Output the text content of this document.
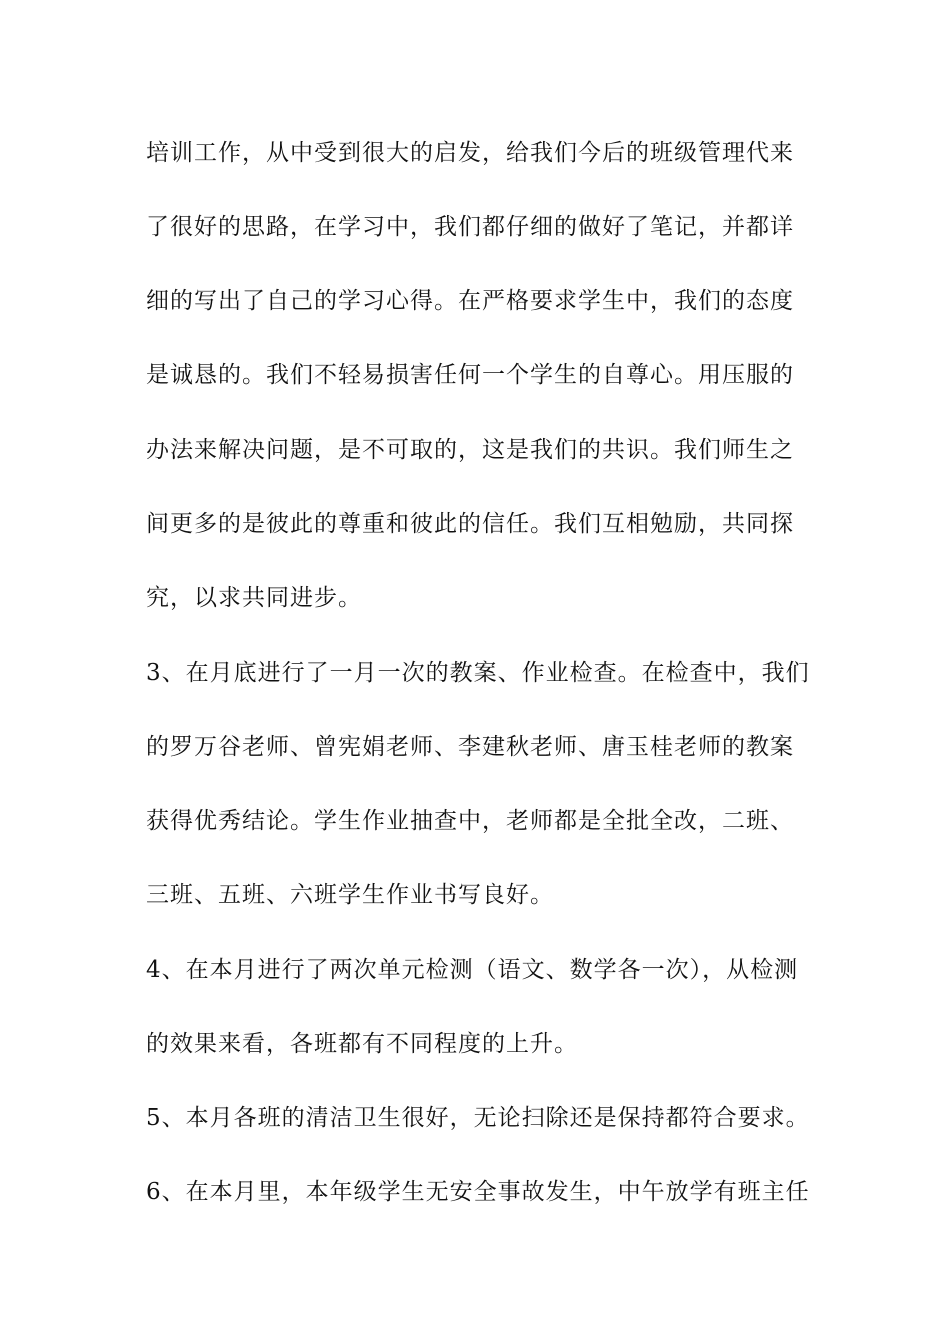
培训工作，从中受到很大的启发，给我们今后的班级管理代来
了很好的思路，在学习中，我们都仔细的做好了笔记，并都详
细的写出了自己的学习心得。在严格要求学生中，我们的态度
是诚恳的。我们不轻易损害任何一个学生的自尊心。用压服的
办法来解决问题，是不可取的，这是我们的共识。我们师生之
间更多的是彼此的尊重和彼此的信任。我们互相勉励，共同探
究，以求共同进步。
3、在月底进行了一月一次的教案、作业检查。在检查中，我们
的罗万谷老师、曾宪娟老师、李建秋老师、唐玉桂老师的教案
获得优秀结论。学生作业抽查中，老师都是全批全改，二班、
三班、五班、六班学生作业书写良好。
4、在本月进行了两次单元检测（语文、数学各一次），从检测
的效果来看，各班都有不同程度的上升。
5、本月各班的清洁卫生很好，无论扫除还是保持都符合要求。
6、在本月里，本年级学生无安全事故发生，中午放学有班主任
